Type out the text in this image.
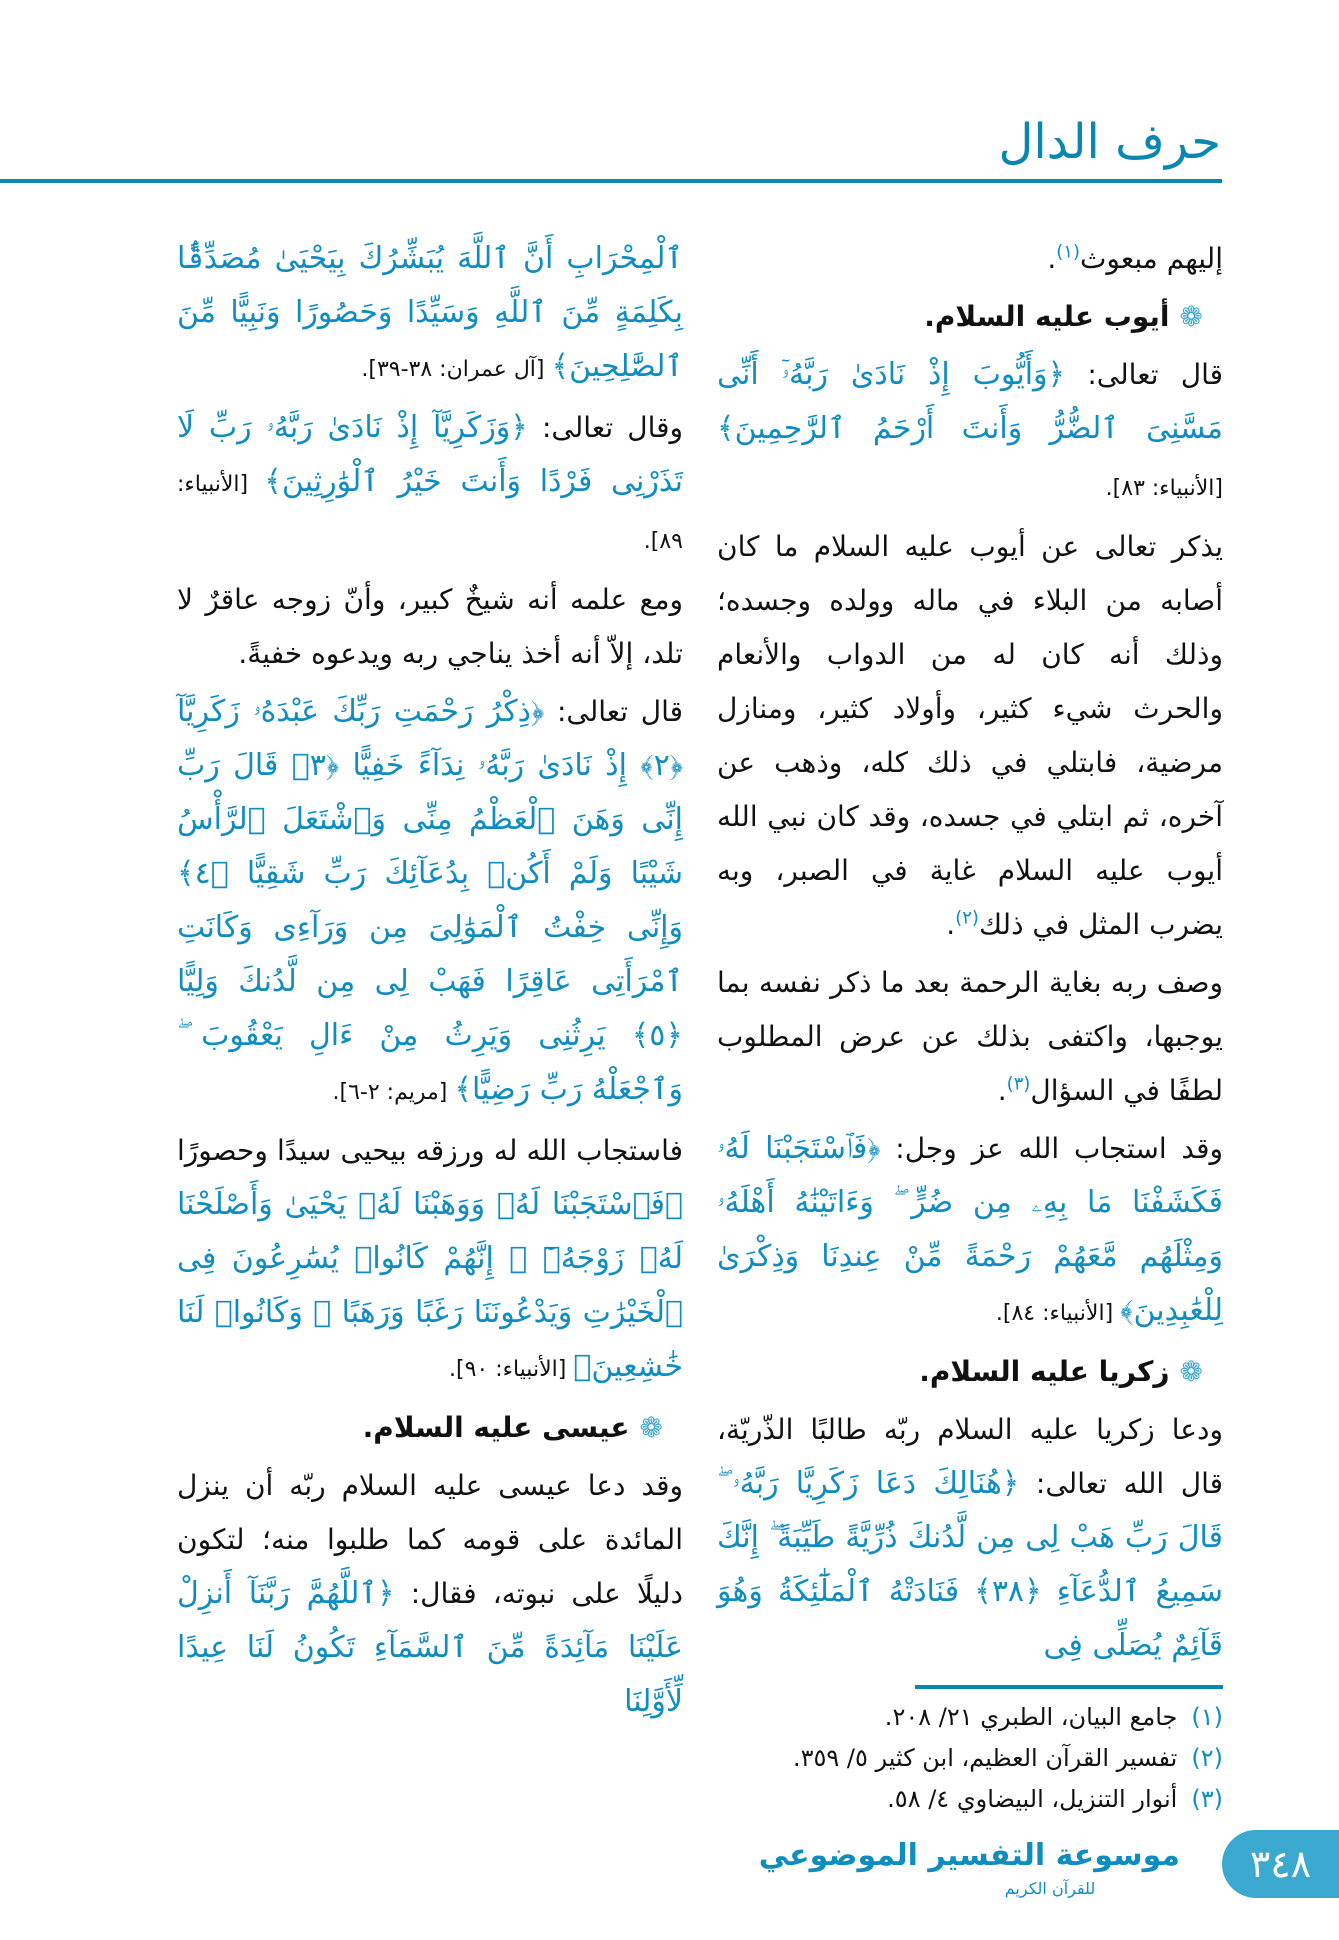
حرف الدال

إليهم مبعوث$^{(١)}$.

❁أيوب عليه السلام.

قال تعالى: ﴿وَأَيُّوبَ إِذْ نَادَىٰ رَبَّهُۥٓ أَنِّى مَسَّنِىَ ٱلضُّرُّ وَأَنتَ أَرْحَمُ ٱلرَّٰحِمِينَ﴾ [الأنبياء: ٨٣].

يذكر تعالى عن أيوب عليه السلام ما كان أصابه من البلاء في ماله وولده وجسده؛ وذلك أنه كان له من الدواب والأنعام والحرث شيء كثير، وأولاد كثير، ومنازل مرضية، فابتلي في ذلك كله، وذهب عن آخره، ثم ابتلي في جسده، وقد كان نبي الله أيوب عليه السلام غاية في الصبر، وبه يضرب المثل في ذلك$^{(٢)}$.

وصف ربه بغاية الرحمة بعد ما ذكر نفسه بما يوجبها، واكتفى بذلك عن عرض المطلوب لطفًا في السؤال$^{(٣)}$.

وقد استجاب الله عز وجل: ﴿فَٱسْتَجَبْنَا لَهُۥ فَكَشَفْنَا مَا بِهِۦ مِن ضُرٍّ ۖ وَءَاتَيْنَٰهُ أَهْلَهُۥ وَمِثْلَهُم مَّعَهُمْ رَحْمَةً مِّنْ عِندِنَا وَذِكْرَىٰ لِلْعَٰبِدِينَ﴾ [الأنبياء: ٨٤].

❁زكريا عليه السلام.

ودعا زكريا عليه السلام ربّه طالبًا الذّريّة، قال الله تعالى: ﴿هُنَالِكَ دَعَا زَكَرِيَّا رَبَّهُۥ ۖ قَالَ رَبِّ هَبْ لِى مِن لَّدُنكَ ذُرِّيَّةً طَيِّبَةً ۖ إِنَّكَ سَمِيعُ ٱلدُّعَآءِ ﴿٣٨﴾ فَنَادَتْهُ ٱلْمَلَٰٓئِكَةُ وَهُوَ قَآئِمٌ يُصَلِّى فِى

(١)جامع البيان، الطبري ٢١/ ٢٠٨.
(٢)تفسير القرآن العظيم، ابن كثير ٥/ ٣٥٩.
(٣)أنوار التنزيل، البيضاوي ٤/ ٥٨.

ٱلْمِحْرَابِ أَنَّ ٱللَّهَ يُبَشِّرُكَ بِيَحْيَىٰ مُصَدِّقًۢا بِكَلِمَةٍ مِّنَ ٱللَّهِ وَسَيِّدًا وَحَصُورًا وَنَبِيًّا مِّنَ ٱلصَّٰلِحِينَ﴾ [آل عمران: ٣٨-٣٩].

وقال تعالى: ﴿وَزَكَرِيَّآ إِذْ نَادَىٰ رَبَّهُۥ رَبِّ لَا تَذَرْنِى فَرْدًا وَأَنتَ خَيْرُ ٱلْوَٰرِثِينَ﴾ [الأنبياء: ٨٩].

ومع علمه أنه شيخٌ كبير، وأنّ زوجه عاقرٌ لا تلد، إلاّ أنه أخذ يناجي ربه ويدعوه خفيةً.

قال تعالى: ﴿ذِكْرُ رَحْمَتِ رَبِّكَ عَبْدَهُۥ زَكَرِيَّآ ﴿٢﴾ إِذْ نَادَىٰ رَبَّهُۥ نِدَآءً خَفِيًّا ﴿٣﴾ قَالَ رَبِّ إِنِّى وَهَنَ ٱلْعَظْمُ مِنِّى وَٱشْتَعَلَ ٱلرَّأْسُ شَيْبًا وَلَمْ أَكُنۢ بِدُعَآئِكَ رَبِّ شَقِيًّا ﴿٤﴾ وَإِنِّى خِفْتُ ٱلْمَوَٰلِىَ مِن وَرَآءِى وَكَانَتِ ٱمْرَأَتِى عَاقِرًا فَهَبْ لِى مِن لَّدُنكَ وَلِيًّا ﴿٥﴾ يَرِثُنِى وَيَرِثُ مِنْ ءَالِ يَعْقُوبَ ۖ وَٱجْعَلْهُ رَبِّ رَضِيًّا﴾ [مريم: ٢-٦].

فاستجاب الله له ورزقه بيحيى سيدًا وحصورًا ﴿فَٱسْتَجَبْنَا لَهُۥ وَوَهَبْنَا لَهُۥ يَحْيَىٰ وَأَصْلَحْنَا لَهُۥ زَوْجَهُۥٓ ۚ إِنَّهُمْ كَانُوا۟ يُسَٰرِعُونَ فِى ٱلْخَيْرَٰتِ وَيَدْعُونَنَا رَغَبًا وَرَهَبًا ۖ وَكَانُوا۟ لَنَا خَٰشِعِينَ﴾ [الأنبياء: ٩٠].

❁عيسى عليه السلام.

وقد دعا عيسى عليه السلام ربّه أن ينزل المائدة على قومه كما طلبوا منه؛ لتكون دليلًا على نبوته، فقال: ﴿ٱللَّهُمَّ رَبَّنَآ أَنزِلْ عَلَيْنَا مَآئِدَةً مِّنَ ٱلسَّمَآءِ تَكُونُ لَنَا عِيدًا لِّأَوَّلِنَا

موسوعة التفسير الموضوعي
للقرآن الكريم
٣٤٨
